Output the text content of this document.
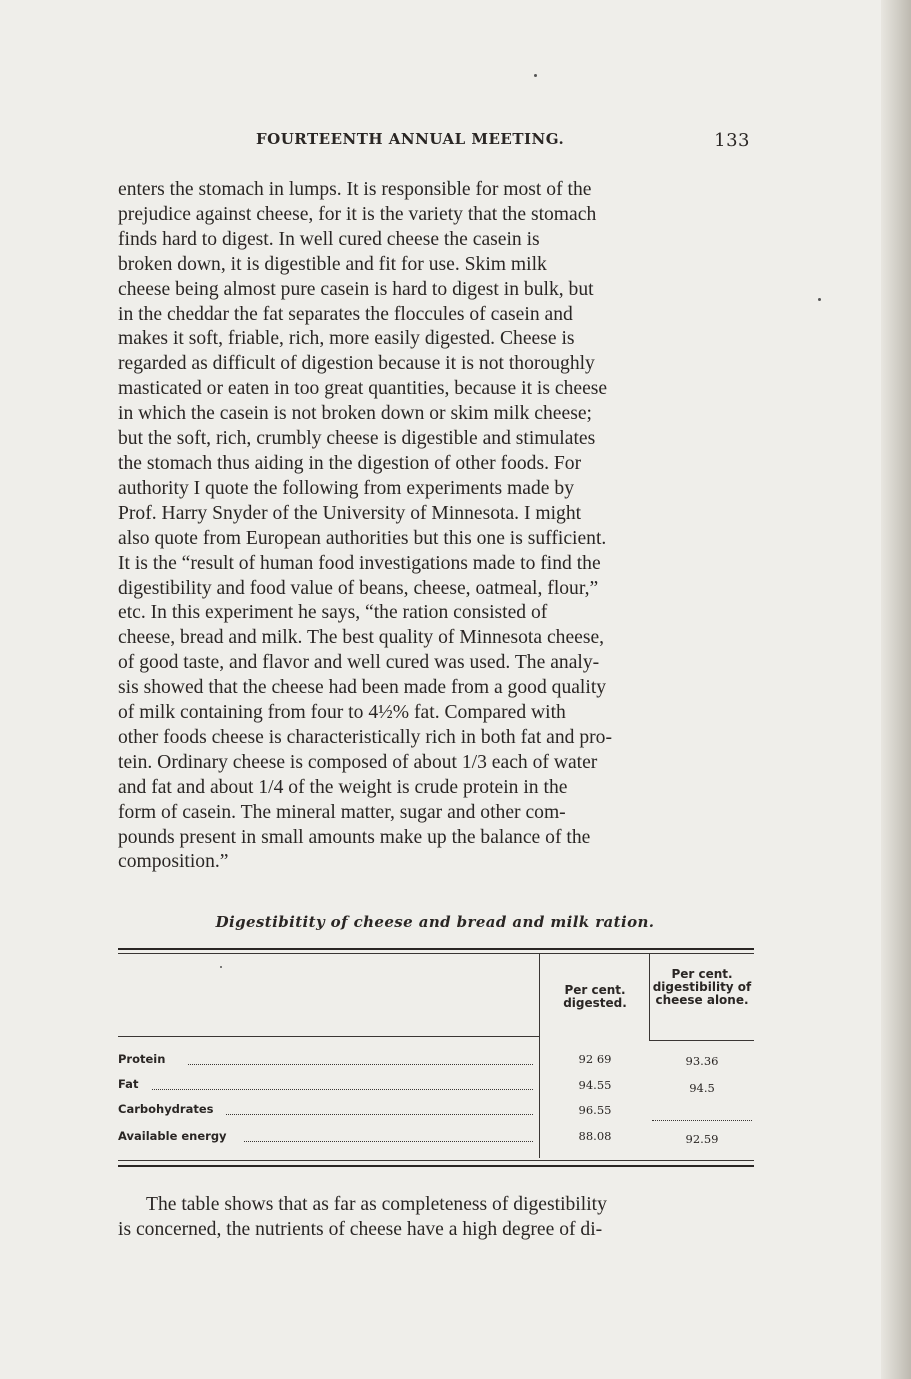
FOURTEENTH ANNUAL MEETING.	133
enters the stomach in lumps. It is responsible for most of the
prejudice against cheese, for it is the variety that the stomach
finds hard to digest. In well cured cheese the casein is
broken down, it is digestible and fit for use. Skim milk
cheese being almost pure casein is hard to digest in bulk, but
in the cheddar the fat separates the floccules of casein and
makes it soft, friable, rich, more easily digested. Cheese is
regarded as difficult of digestion because it is not thoroughly
masticated or eaten in too great quantities, because it is cheese
in which the casein is not broken down or skim milk cheese;
but the soft, rich, crumbly cheese is digestible and stimulates
the stomach thus aiding in the digestion of other foods. For
authority I quote the following from experiments made by
Prof. Harry Snyder of the University of Minnesota. I might
also quote from European authorities but this one is sufficient.
It is the “result of human food investigations made to find the
digestibility and food value of beans, cheese, oatmeal, flour,”
etc. In this experiment he says, “the ration consisted of
cheese, bread and milk. The best quality of Minnesota cheese,
of good taste, and flavor and well cured was used. The analy-
sis showed that the cheese had been made from a good quality
of milk containing from four to 4½% fat. Compared with
other foods cheese is characteristically rich in both fat and pro-
tein. Ordinary cheese is composed of about 1/3 each of water
and fat and about 1/4 of the weight is crude protein in the
form of casein. The mineral matter, sugar and other com-
pounds present in small amounts make up the balance of the
composition.”
Digestibitity of cheese and bread and milk ration.
Per cent. digested.
Per cent. digestibility of cheese alone.
Protein	92 69	93.36
Fat	94.55	94.5
Carbohydrates	96.55
Available energy	88.08	92.59
The table shows that as far as completeness of digestibility
is concerned, the nutrients of cheese have a high degree of di-
